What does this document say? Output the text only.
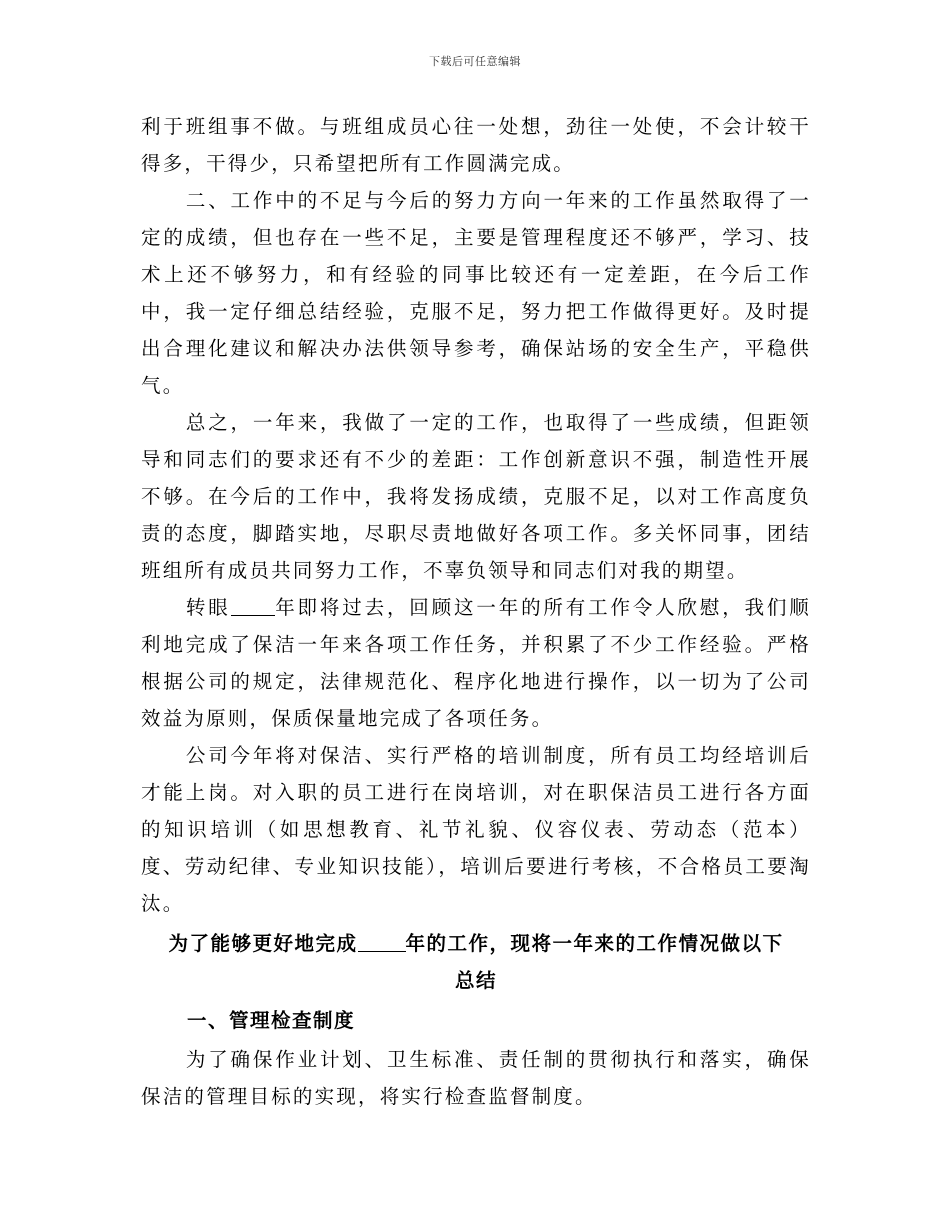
下载后可任意编辑

利于班组事不做。与班组成员心往一处想，劲往一处使，不会计较干得多，干得少，只希望把所有工作圆满完成。

二、工作中的不足与今后的努力方向一年来的工作虽然取得了一定的成绩，但也存在一些不足，主要是管理程度还不够严，学习、技术上还不够努力，和有经验的同事比较还有一定差距，在今后工作中，我一定仔细总结经验，克服不足，努力把工作做得更好。及时提出合理化建议和解决办法供领导参考，确保站场的安全生产，平稳供气。

总之，一年来，我做了一定的工作，也取得了一些成绩，但距领导和同志们的要求还有不少的差距：工作创新意识不强，制造性开展不够。在今后的工作中，我将发扬成绩，克服不足，以对工作高度负责的态度，脚踏实地，尽职尽责地做好各项工作。多关怀同事，团结班组所有成员共同努力工作，不辜负领导和同志们对我的期望。

转眼 年即将过去，回顾这一年的所有工作令人欣慰，我们顺利地完成了保洁一年来各项工作任务，并积累了不少工作经验。严格根据公司的规定，法律规范化、程序化地进行操作，以一切为了公司效益为原则，保质保量地完成了各项任务。

公司今年将对保洁、实行严格的培训制度，所有员工均经培训后才能上岗。对入职的员工进行在岗培训，对在职保洁员工进行各方面的知识培训（如思想教育、礼节礼貌、仪容仪表、劳动态（范本）度、劳动纪律、专业知识技能），培训后要进行考核，不合格员工要淘汰。

为了能够更好地完成 年的工作，现将一年来的工作情况做以下
总结

一、管理检查制度

为了确保作业计划、卫生标准、责任制的贯彻执行和落实，确保保洁的管理目标的实现，将实行检查监督制度。
